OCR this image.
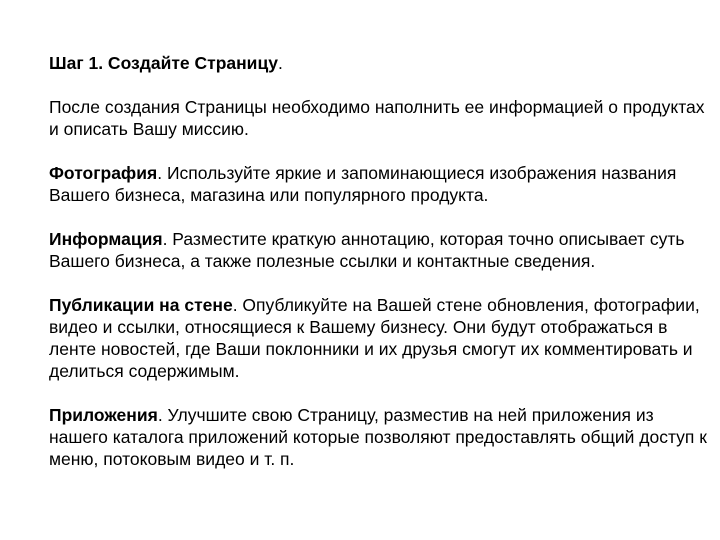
Шаг 1. Создайте Страницу.

После создания Страницы необходимо наполнить ее информацией о продуктах и описать Вашу миссию.

Фотография. Используйте яркие и запоминающиеся изображения названия Вашего бизнеса, магазина или популярного продукта.

Информация. Разместите краткую аннотацию, которая точно описывает суть Вашего бизнеса, а также полезные ссылки и контактные сведения.

Публикации на стене. Опубликуйте на Вашей стене обновления, фотографии, видео и ссылки, относящиеся к Вашему бизнесу. Они будут отображаться в ленте новостей, где Ваши поклонники и их друзья смогут их комментировать и делиться содержимым.

Приложения. Улучшите свою Страницу, разместив на ней приложения из нашего каталога приложений которые позволяют предоставлять общий доступ к меню, потоковым видео и т. п.
